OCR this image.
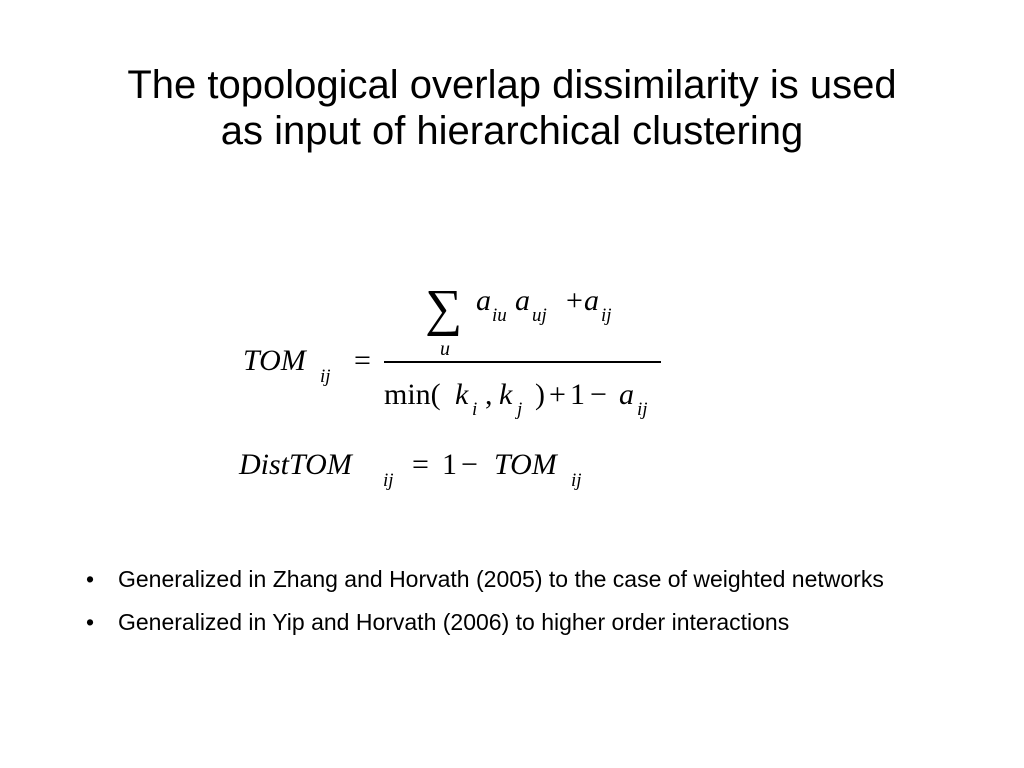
The topological overlap dissimilarity is used
as input of hierarchical clustering
TOM ij =
∑
u
a iu a uj + a ij
min( k i , k j ) + 1 − a ij
DistTOM ij = 1 − TOM ij
• Generalized in Zhang and Horvath (2005) to the case of weighted networks
• Generalized in Yip and Horvath (2006) to higher order interactions
